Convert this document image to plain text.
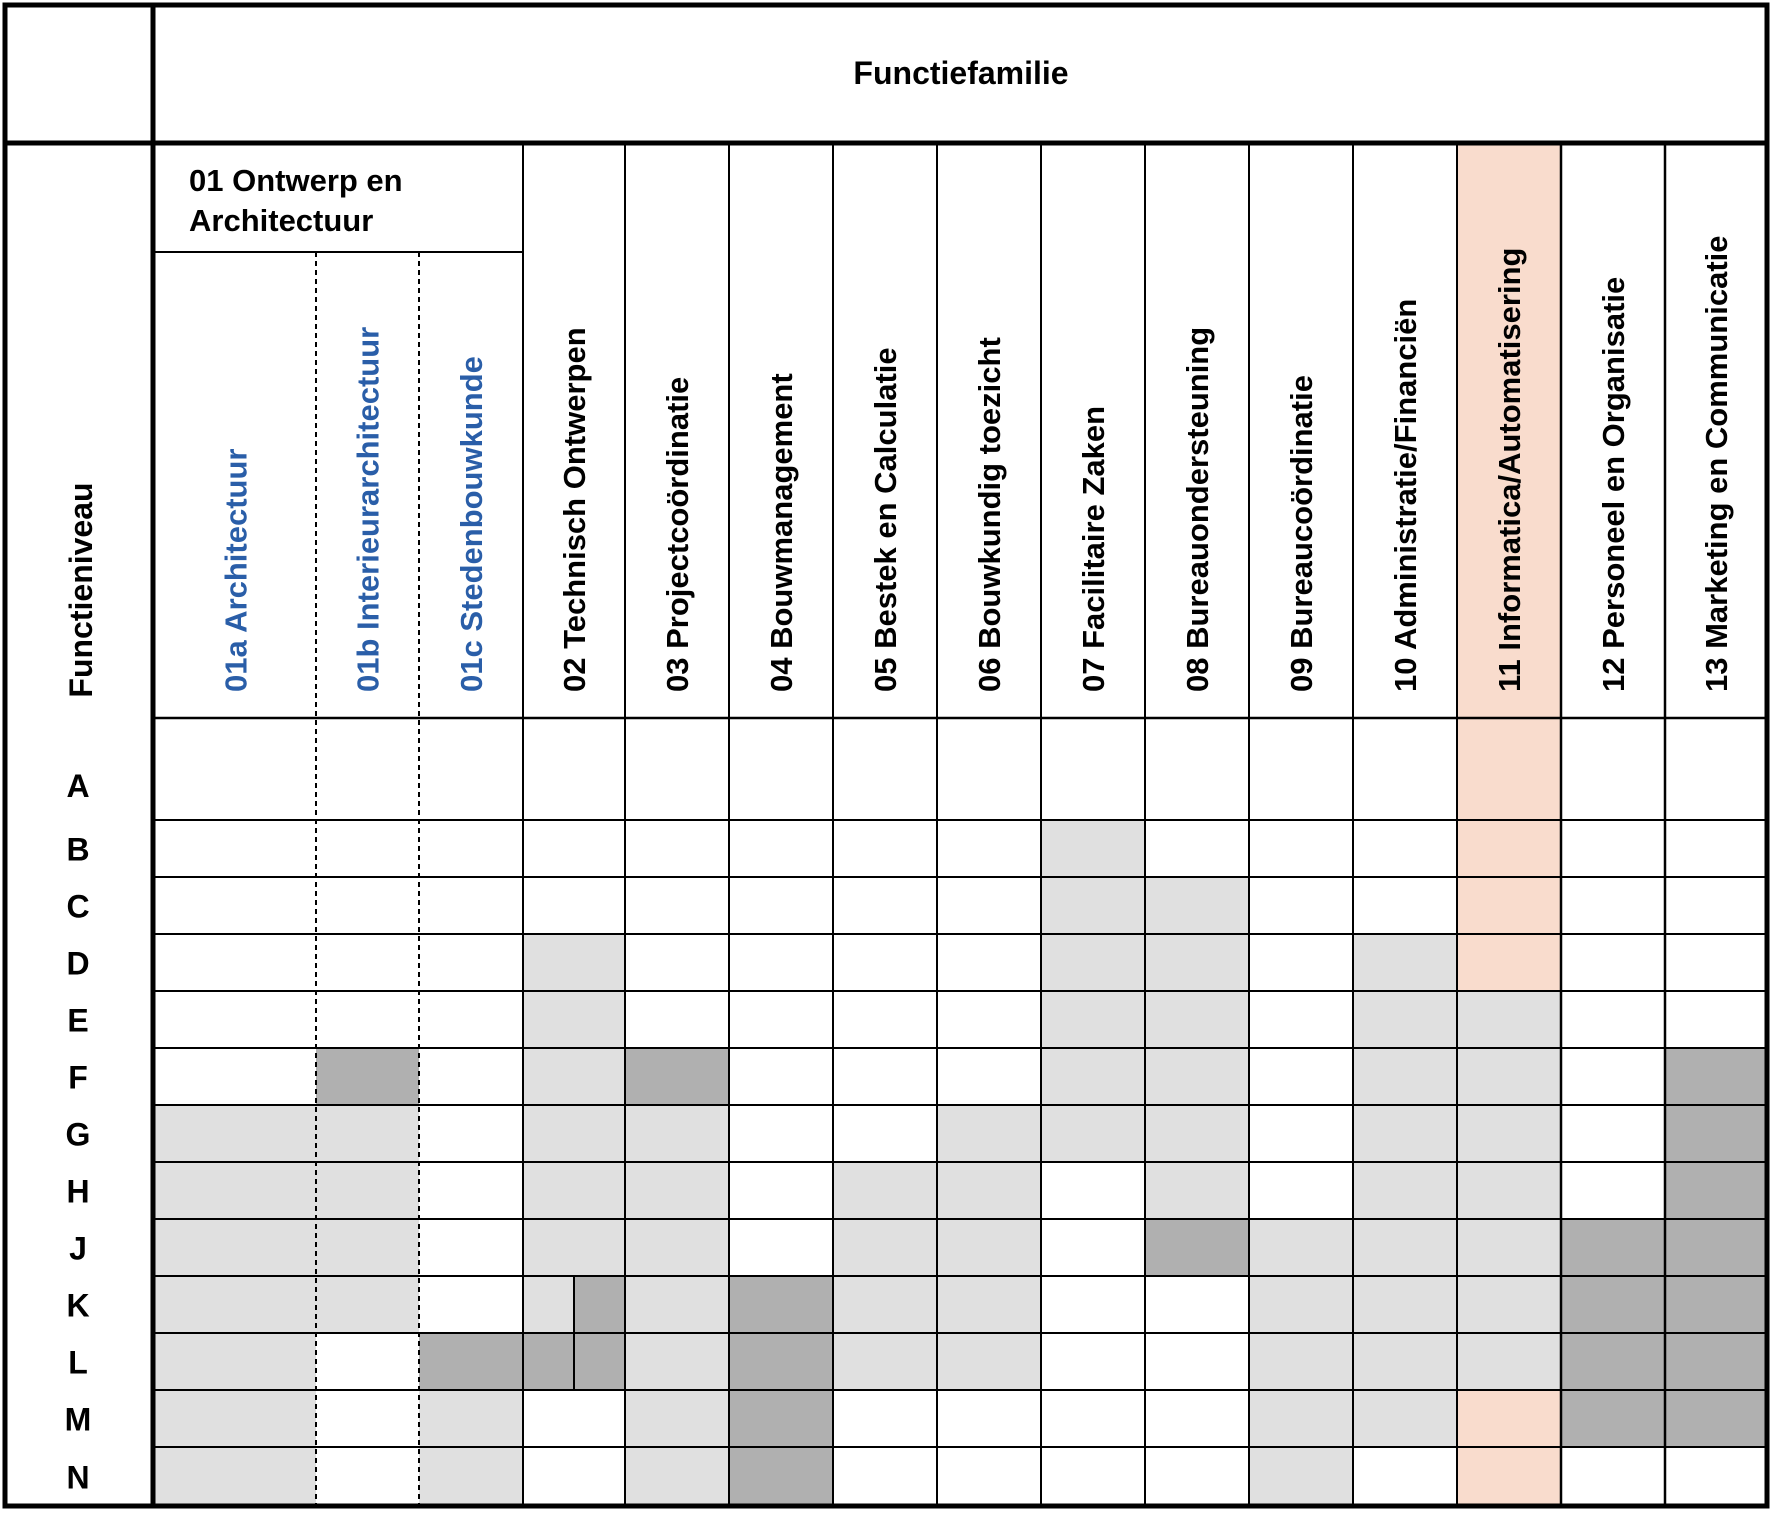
Functiefamilie
Functieniveau
01 Ontwerp en
Architectuur
01a Architectuur	01b Interieurarchitectuur 01c Stedenbouwkunde 02 Technisch Ontwerpen 03 Projectcoördinatie 04 Bouwmanagement 05 Bestek en Calculatie 06 Bouwkundig toezicht 07 Facilitaire Zaken 08 Bureauondersteuning 09 Bureaucoördinatie 10 Administratie/Financiën 11 Informatica/Automatisering 12 Personeel en Organisatie 13 Marketing en Communicatie
A
B
C
D
E
F
G
H
J
K
L
M
N
